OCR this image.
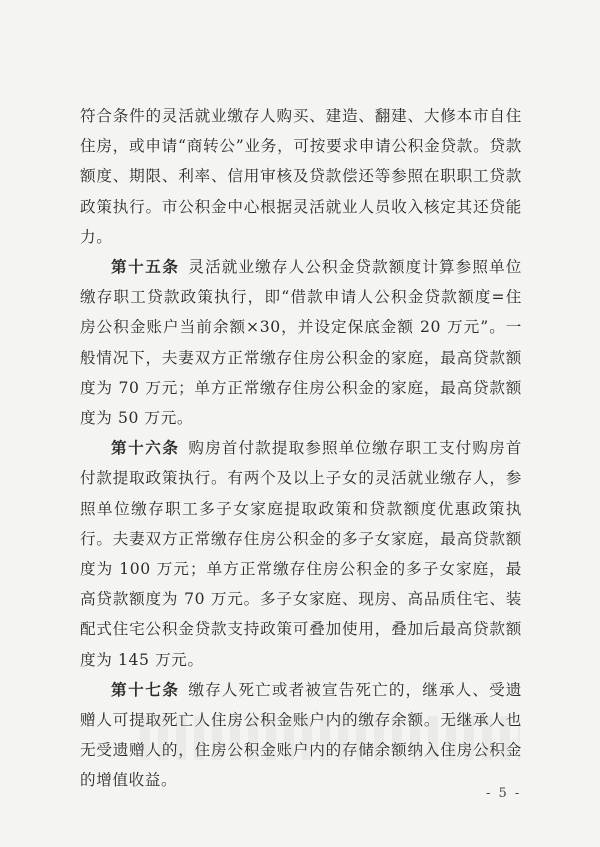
符合条件的灵活就业缴存人购买、建造、翻建、大修本市自住住房，或申请“商转公”业务，可按要求申请公积金贷款。贷款额度、期限、利率、信用审核及贷款偿还等参照在职职工贷款政策执行。市公积金中心根据灵活就业人员收入核定其还贷能力。

第十五条  灵活就业缴存人公积金贷款额度计算参照单位缴存职工贷款政策执行，即“借款申请人公积金贷款额度=住房公积金账户当前余额×30，并设定保底金额 20 万元”。一般情况下，夫妻双方正常缴存住房公积金的家庭，最高贷款额度为 70 万元；单方正常缴存住房公积金的家庭，最高贷款额度为 50 万元。

第十六条  购房首付款提取参照单位缴存职工支付购房首付款提取政策执行。有两个及以上子女的灵活就业缴存人，参照单位缴存职工多子女家庭提取政策和贷款额度优惠政策执行。夫妻双方正常缴存住房公积金的多子女家庭，最高贷款额度为 100 万元；单方正常缴存住房公积金的多子女家庭，最高贷款额度为 70 万元。多子女家庭、现房、高品质住宅、装配式住宅公积金贷款支持政策可叠加使用，叠加后最高贷款额度为 145 万元。

第十七条  缴存人死亡或者被宣告死亡的，继承人、受遗赠人可提取死亡人住房公积金账户内的缴存余额。无继承人也无受遗赠人的，住房公积金账户内的存储余额纳入住房公积金的增值收益。

- 5 -
